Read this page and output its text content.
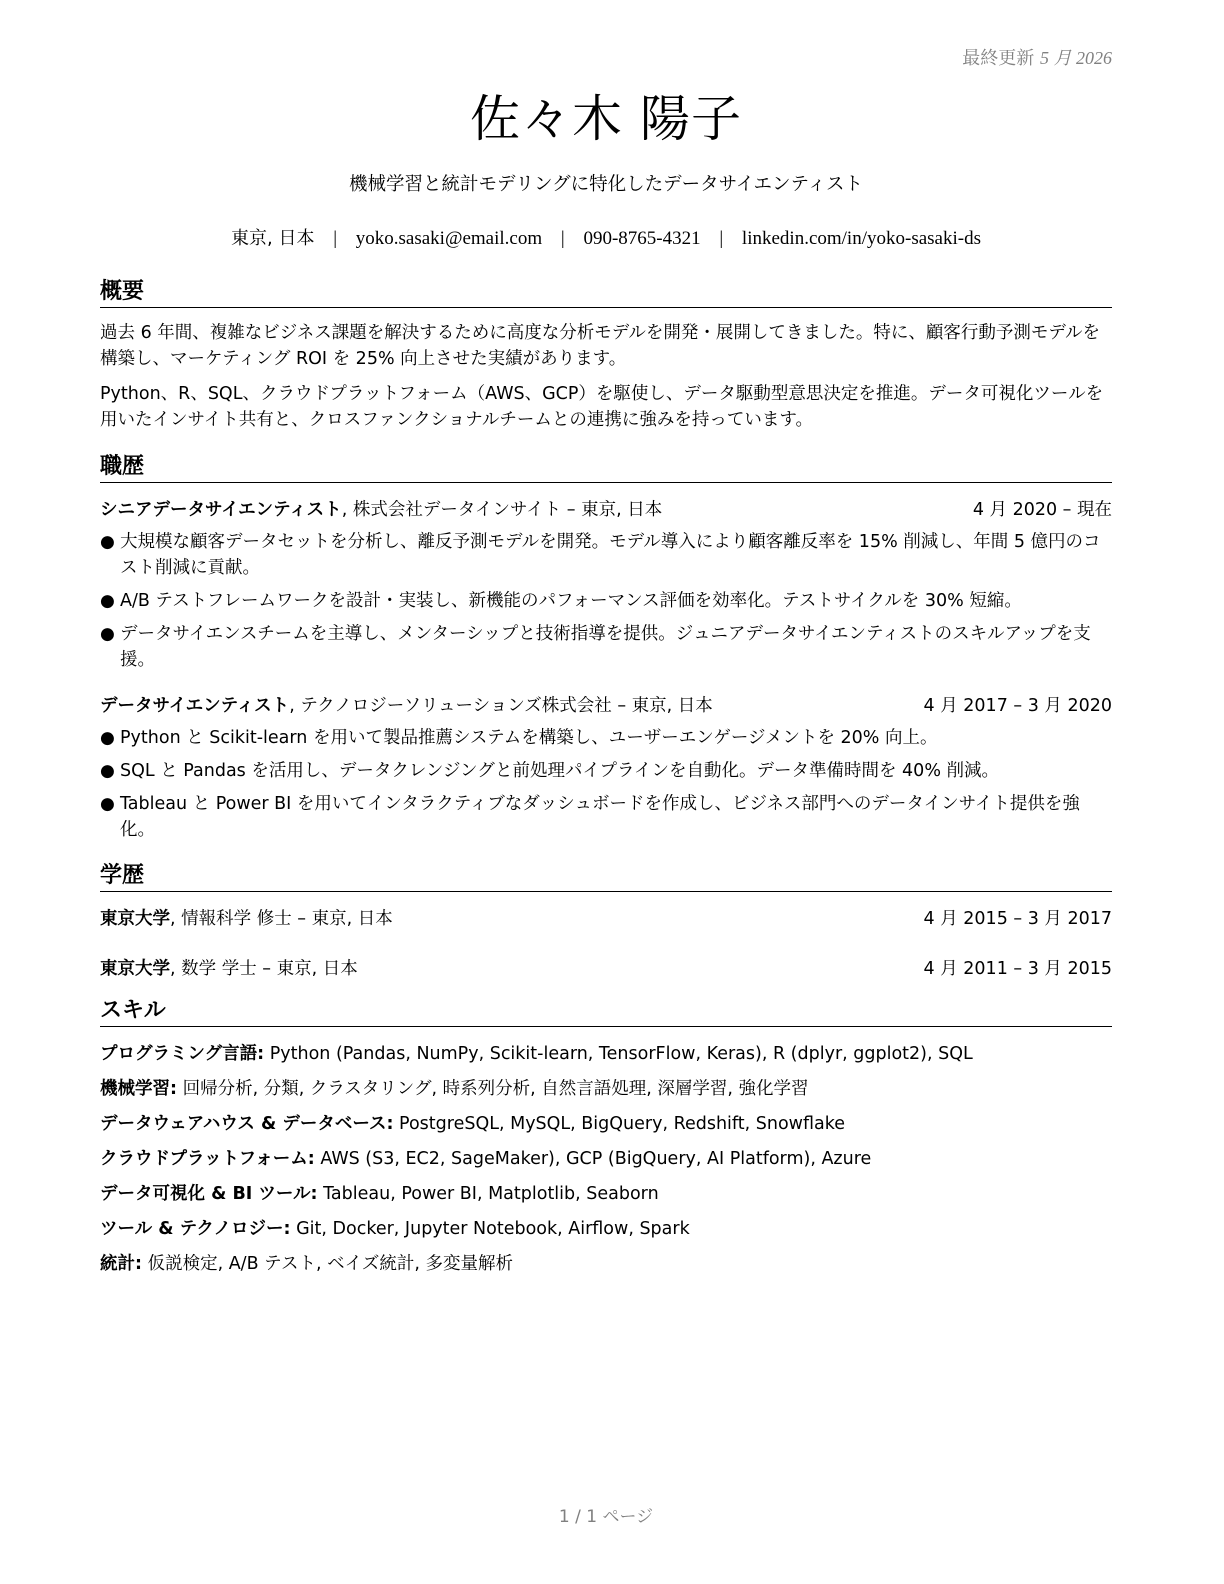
最終更新 5 月 2026
佐々木 陽子
機械学習と統計モデリングに特化したデータサイエンティスト
東京, 日本 | yoko.sasaki@email.com | 090-8765-4321 | linkedin.com/in/yoko-sasaki-ds
概要

過去 6 年間、複雑なビジネス課題を解決するために高度な分析モデルを開発・展開してきました。特に、顧客行動予測モデルを構築し、マーケティング ROI を 25% 向上させた実績があります。

Python、R、SQL、クラウドプラットフォーム（AWS、GCP）を駆使し、データ駆動型意思決定を推進。データ可視化ツールを用いたインサイト共有と、クロスファンクショナルチームとの連携に強みを持っています。

職歴
シニアデータサイエンティスト, 株式会社データインサイト – 東京, 日本	4 月 2020 – 現在
● 大規模な顧客データセットを分析し、離反予測モデルを開発。モデル導入により顧客離反率を 15% 削減し、年間 5 億円のコスト削減に貢献。
● A/B テストフレームワークを設計・実装し、新機能のパフォーマンス評価を効率化。テストサイクルを 30% 短縮。
● データサイエンスチームを主導し、メンターシップと技術指導を提供。ジュニアデータサイエンティストのスキルアップを支援。
データサイエンティスト, テクノロジーソリューションズ株式会社 – 東京, 日本	4 月 2017 – 3 月 2020
● Python と Scikit-learn を用いて製品推薦システムを構築し、ユーザーエンゲージメントを 20% 向上。
● SQL と Pandas を活用し、データクレンジングと前処理パイプラインを自動化。データ準備時間を 40% 削減。
● Tableau と Power BI を用いてインタラクティブなダッシュボードを作成し、ビジネス部門へのデータインサイト提供を強化。
学歴
東京大学, 情報科学 修士 – 東京, 日本	4 月 2015 – 3 月 2017
東京大学, 数学 学士 – 東京, 日本	4 月 2011 – 3 月 2015
スキル
プログラミング言語: Python (Pandas, NumPy, Scikit-learn, TensorFlow, Keras), R (dplyr, ggplot2), SQL
機械学習: 回帰分析, 分類, クラスタリング, 時系列分析, 自然言語処理, 深層学習, 強化学習
データウェアハウス & データベース: PostgreSQL, MySQL, BigQuery, Redshift, Snowflake
クラウドプラットフォーム: AWS (S3, EC2, SageMaker), GCP (BigQuery, AI Platform), Azure
データ可視化 & BI ツール: Tableau, Power BI, Matplotlib, Seaborn
ツール & テクノロジー: Git, Docker, Jupyter Notebook, Airflow, Spark
統計: 仮説検定, A/B テスト, ベイズ統計, 多変量解析
1 / 1 ページ
